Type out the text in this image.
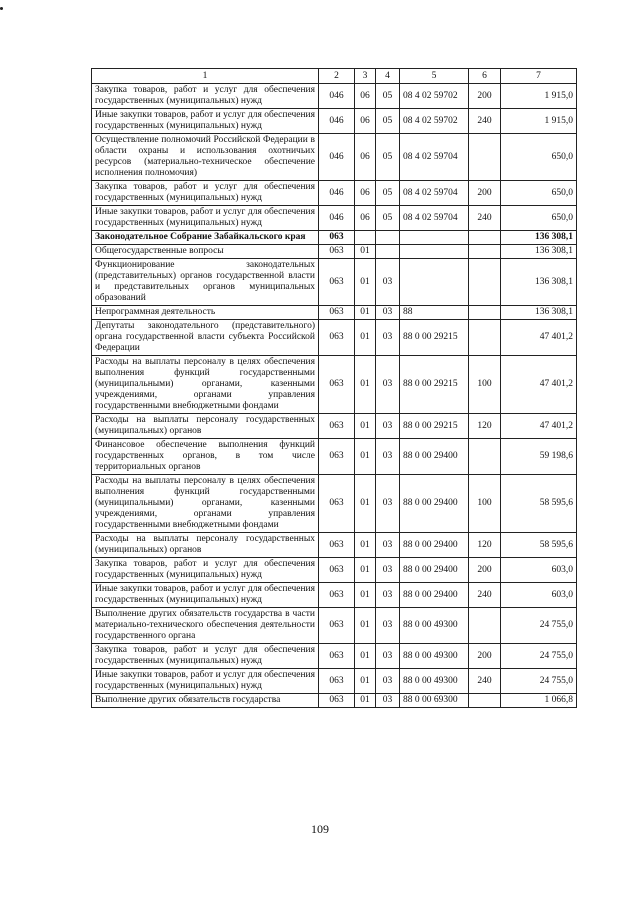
1	2	3	4	5	6	7
Закупка товаров, работ и услуг для обеспечения государственных (муниципальных) нужд	046	06	05	08 4 02 59702	200	1 915,0
Иные закупки товаров, работ и услуг для обеспечения государственных (муниципальных) нужд	046	06	05	08 4 02 59702	240	1 915,0
Осуществление полномочий Российской Федерации в области охраны и использования охотничьих ресурсов (материально-техническое обеспечение исполнения полномочия)	046	06	05	08 4 02 59704		650,0
Закупка товаров, работ и услуг для обеспечения государственных (муниципальных) нужд	046	06	05	08 4 02 59704	200	650,0
Иные закупки товаров, работ и услуг для обеспечения государственных (муниципальных) нужд	046	06	05	08 4 02 59704	240	650,0
Законодательное Собрание Забайкальского края	063					136 308,1
Общегосударственные вопросы	063	01				136 308,1
Функционирование законодательных (представительных) органов государственной власти и представительных органов муниципальных образований	063	01	03			136 308,1
Непрограммная деятельность	063	01	03	88		136 308,1
Депутаты законодательного (представительного) органа государственной власти субъекта Российской Федерации	063	01	03	88 0 00 29215		47 401,2
Расходы на выплаты персоналу в целях обеспечения выполнения функций государственными (муниципальными) органами, казенными учреждениями, органами управления государственными внебюджетными фондами	063	01	03	88 0 00 29215	100	47 401,2
Расходы на выплаты персоналу государственных (муниципальных) органов	063	01	03	88 0 00 29215	120	47 401,2
Финансовое обеспечение выполнения функций государственных органов, в том числе территориальных органов	063	01	03	88 0 00 29400		59 198,6
Расходы на выплаты персоналу в целях обеспечения выполнения функций государственными (муниципальными) органами, казенными учреждениями, органами управления государственными внебюджетными фондами	063	01	03	88 0 00 29400	100	58 595,6
Расходы на выплаты персоналу государственных (муниципальных) органов	063	01	03	88 0 00 29400	120	58 595,6
Закупка товаров, работ и услуг для обеспечения государственных (муниципальных) нужд	063	01	03	88 0 00 29400	200	603,0
Иные закупки товаров, работ и услуг для обеспечения государственных (муниципальных) нужд	063	01	03	88 0 00 29400	240	603,0
Выполнение других обязательств государства в части материально-технического обеспечения деятельности государственного органа	063	01	03	88 0 00 49300		24 755,0
Закупка товаров, работ и услуг для обеспечения государственных (муниципальных) нужд	063	01	03	88 0 00 49300	200	24 755,0
Иные закупки товаров, работ и услуг для обеспечения государственных (муниципальных) нужд	063	01	03	88 0 00 49300	240	24 755,0
Выполнение других обязательств государства	063	01	03	88 0 00 69300		1 066,8
109
